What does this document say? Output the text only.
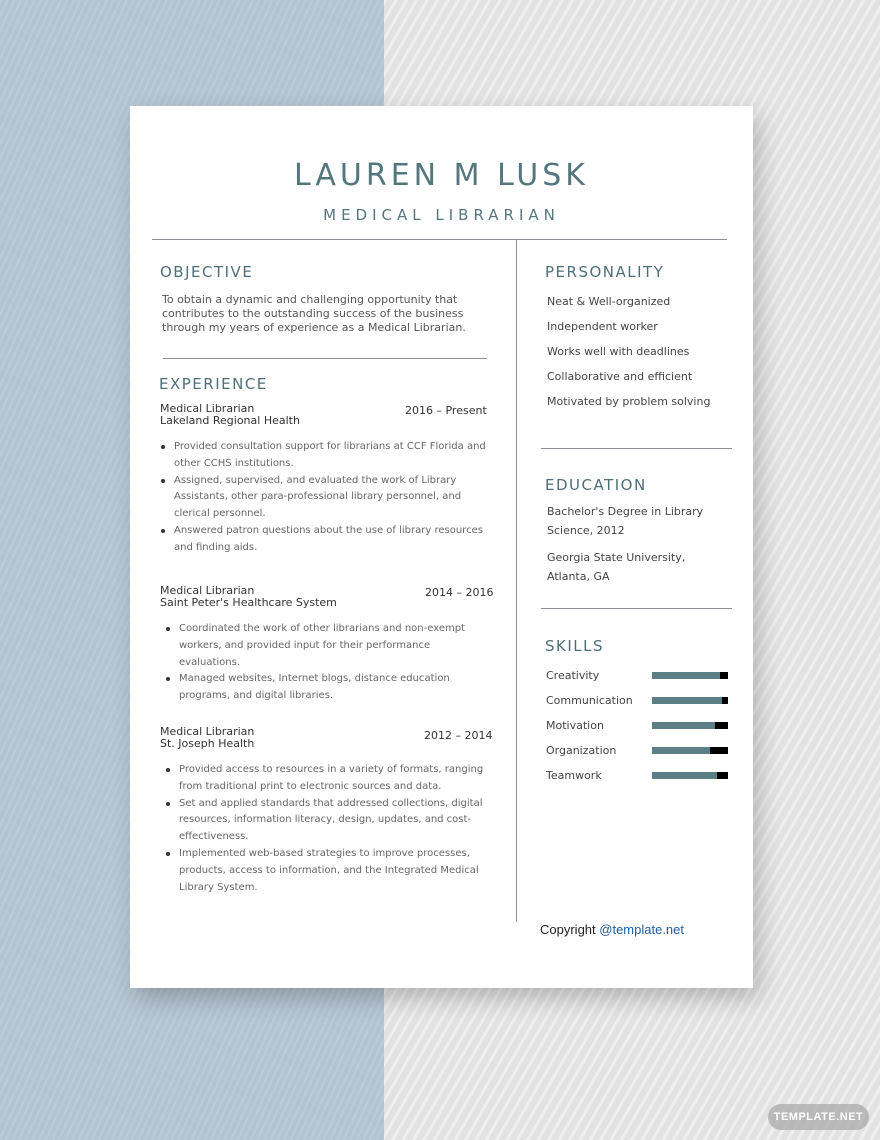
LAUREN M LUSK
MEDICAL LIBRARIAN
OBJECTIVE
To obtain a dynamic and challenging opportunity that contributes to the outstanding success of the business through my years of experience as a Medical Librarian.
EXPERIENCE
Medical Librarian
Lakeland Regional Health
2016 – Present
Provided consultation support for librarians at CCF Florida and other CCHS institutions.
Assigned, supervised, and evaluated the work of Library Assistants, other para-professional library personnel, and clerical personnel.
Answered patron questions about the use of library resources and finding aids.
Medical Librarian
Saint Peter's Healthcare System
2014 – 2016
Coordinated the work of other librarians and non-exempt workers, and provided input for their performance evaluations.
Managed websites, Internet blogs, distance education programs, and digital libraries.
Medical Librarian
St. Joseph Health
2012 – 2014
Provided access to resources in a variety of formats, ranging from traditional print to electronic sources and data.
Set and applied standards that addressed collections, digital resources, information literacy, design, updates, and cost-effectiveness.
Implemented web-based strategies to improve processes, products, access to information, and the Integrated Medical Library System.
PERSONALITY
Neat & Well-organized
Independent worker
Works well with deadlines
Collaborative and efficient
Motivated by problem solving
EDUCATION
Bachelor's Degree in Library Science, 2012
Georgia State University, Atlanta, GA
SKILLS
Creativity
Communication
Motivation
Organization
Teamwork
Copyright @template.net
TEMPLATE.NET
